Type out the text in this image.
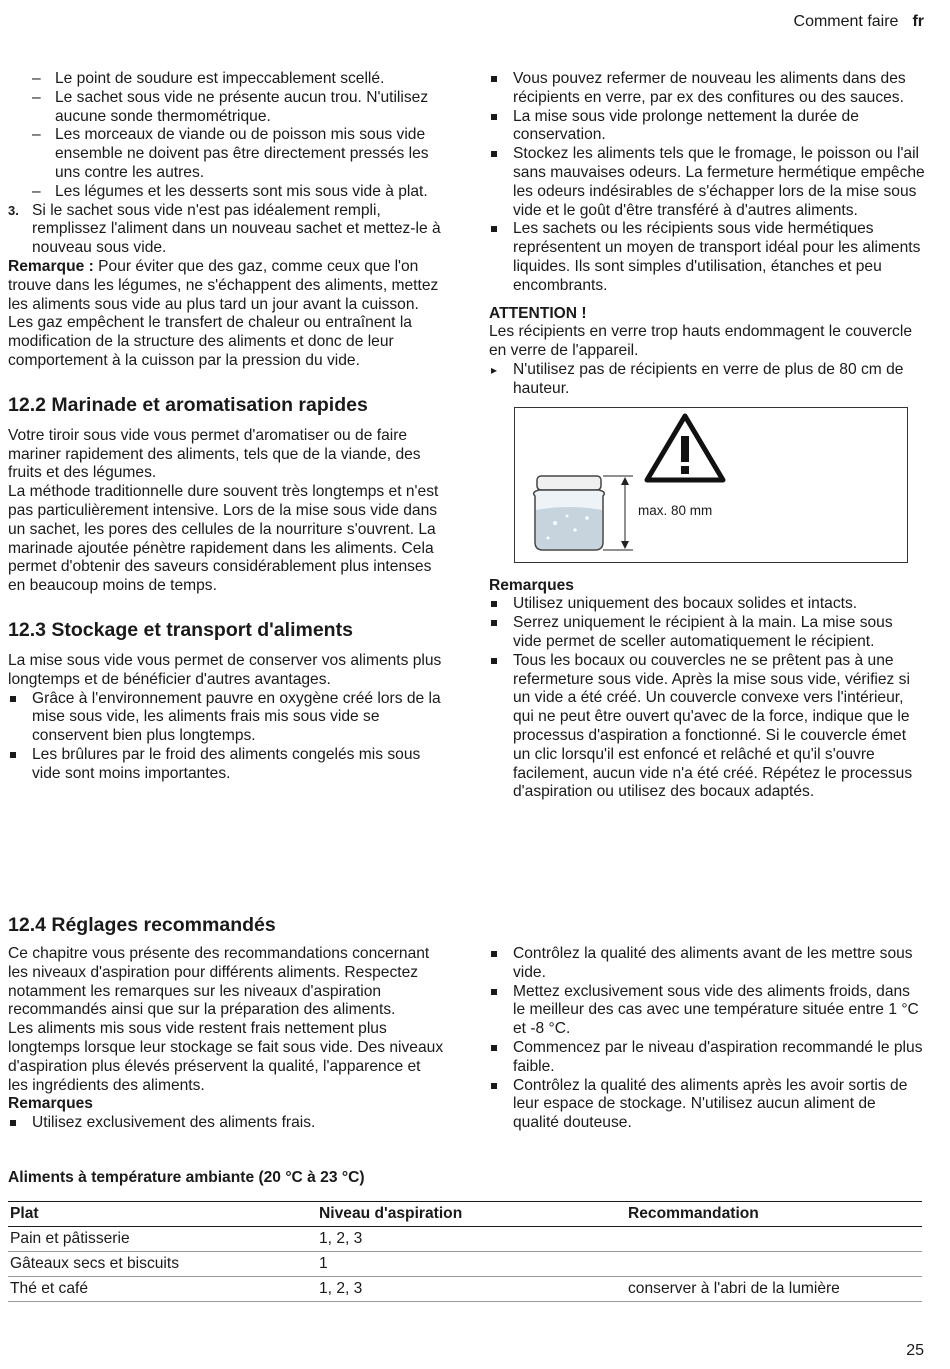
Comment faire fr
– Le point de soudure est impeccablement scellé.
– Le sachet sous vide ne présente aucun trou. N'utilisez aucune sonde thermométrique.
– Les morceaux de viande ou de poisson mis sous vide ensemble ne doivent pas être directement pressés les uns contre les autres.
– Les légumes et les desserts sont mis sous vide à plat.
3. Si le sachet sous vide n'est pas idéalement rempli, remplissez l'aliment dans un nouveau sachet et mettez-le à nouveau sous vide.

Remarque : Pour éviter que des gaz, comme ceux que l'on trouve dans les légumes, ne s'échappent des aliments, mettez les aliments sous vide au plus tard un jour avant la cuisson. Les gaz empêchent le transfert de chaleur ou entraînent la modification de la structure des aliments et donc de leur comportement à la cuisson par la pression du vide.

12.2 Marinade et aromatisation rapides

Votre tiroir sous vide vous permet d'aromatiser ou de faire mariner rapidement des aliments, tels que de la viande, des fruits et des légumes.

La méthode traditionnelle dure souvent très longtemps et n'est pas particulièrement intensive. Lors de la mise sous vide dans un sachet, les pores des cellules de la nourriture s'ouvrent. La marinade ajoutée pénètre rapidement dans les aliments. Cela permet d'obtenir des saveurs considérablement plus intenses en beaucoup moins de temps.

12.3 Stockage et transport d'aliments

La mise sous vide vous permet de conserver vos aliments plus longtemps et de bénéficier d'autres avantages.

Grâce à l'environnement pauvre en oxygène créé lors de la mise sous vide, les aliments frais mis sous vide se conservent bien plus longtemps.
Les brûlures par le froid des aliments congelés mis sous vide sont moins importantes.
Vous pouvez refermer de nouveau les aliments dans des récipients en verre, par ex des confitures ou des sauces.
La mise sous vide prolonge nettement la durée de conservation.
Stockez les aliments tels que le fromage, le poisson ou l'ail sans mauvaises odeurs. La fermeture hermétique empêche les odeurs indésirables de s'échapper lors de la mise sous vide et le goût d'être transféré à d'autres aliments.
Les sachets ou les récipients sous vide hermétiques représentent un moyen de transport idéal pour les aliments liquides. Ils sont simples d'utilisation, étanches et peu encombrants.

ATTENTION !

Les récipients en verre trop hauts endommagent le couvercle en verre de l'appareil.

▸ N'utilisez pas de récipients en verre de plus de 80 cm de hauteur.
max. 80 mm

Remarques

Utilisez uniquement des bocaux solides et intacts.
Serrez uniquement le récipient à la main. La mise sous vide permet de sceller automatiquement le récipient.
Tous les bocaux ou couvercles ne se prêtent pas à une refermeture sous vide. Après la mise sous vide, vérifiez si un vide a été créé. Un couvercle convexe vers l'intérieur, qui ne peut être ouvert qu'avec de la force, indique que le processus d'aspiration a fonctionné. Si le couvercle émet un clic lorsqu'il est enfoncé et relâché et qu'il s'ouvre facilement, aucun vide n'a été créé. Répétez le processus d'aspiration ou utilisez des bocaux adaptés.
12.4 Réglages recommandés

Ce chapitre vous présente des recommandations concernant les niveaux d'aspiration pour différents aliments. Respectez notamment les remarques sur les niveaux d'aspiration recommandés ainsi que sur la préparation des aliments.

Les aliments mis sous vide restent frais nettement plus longtemps lorsque leur stockage se fait sous vide. Des niveaux d'aspiration plus élevés préservent la qualité, l'apparence et les ingrédients des aliments.

Remarques

Utilisez exclusivement des aliments frais.
Contrôlez la qualité des aliments avant de les mettre sous vide.
Mettez exclusivement sous vide des aliments froids, dans le meilleur des cas avec une température située entre 1 °C et -8 °C.
Commencez par le niveau d'aspiration recommandé le plus faible.
Contrôlez la qualité des aliments après les avoir sortis de leur espace de stockage. N'utilisez aucun aliment de qualité douteuse.
Aliments à température ambiante (20 °C à 23 °C)
Plat	Niveau d'aspiration	Recommandation
Pain et pâtisserie	1, 2, 3	
Gâteaux secs et biscuits	1	
Thé et café	1, 2, 3	conserver à l'abri de la lumière
25
